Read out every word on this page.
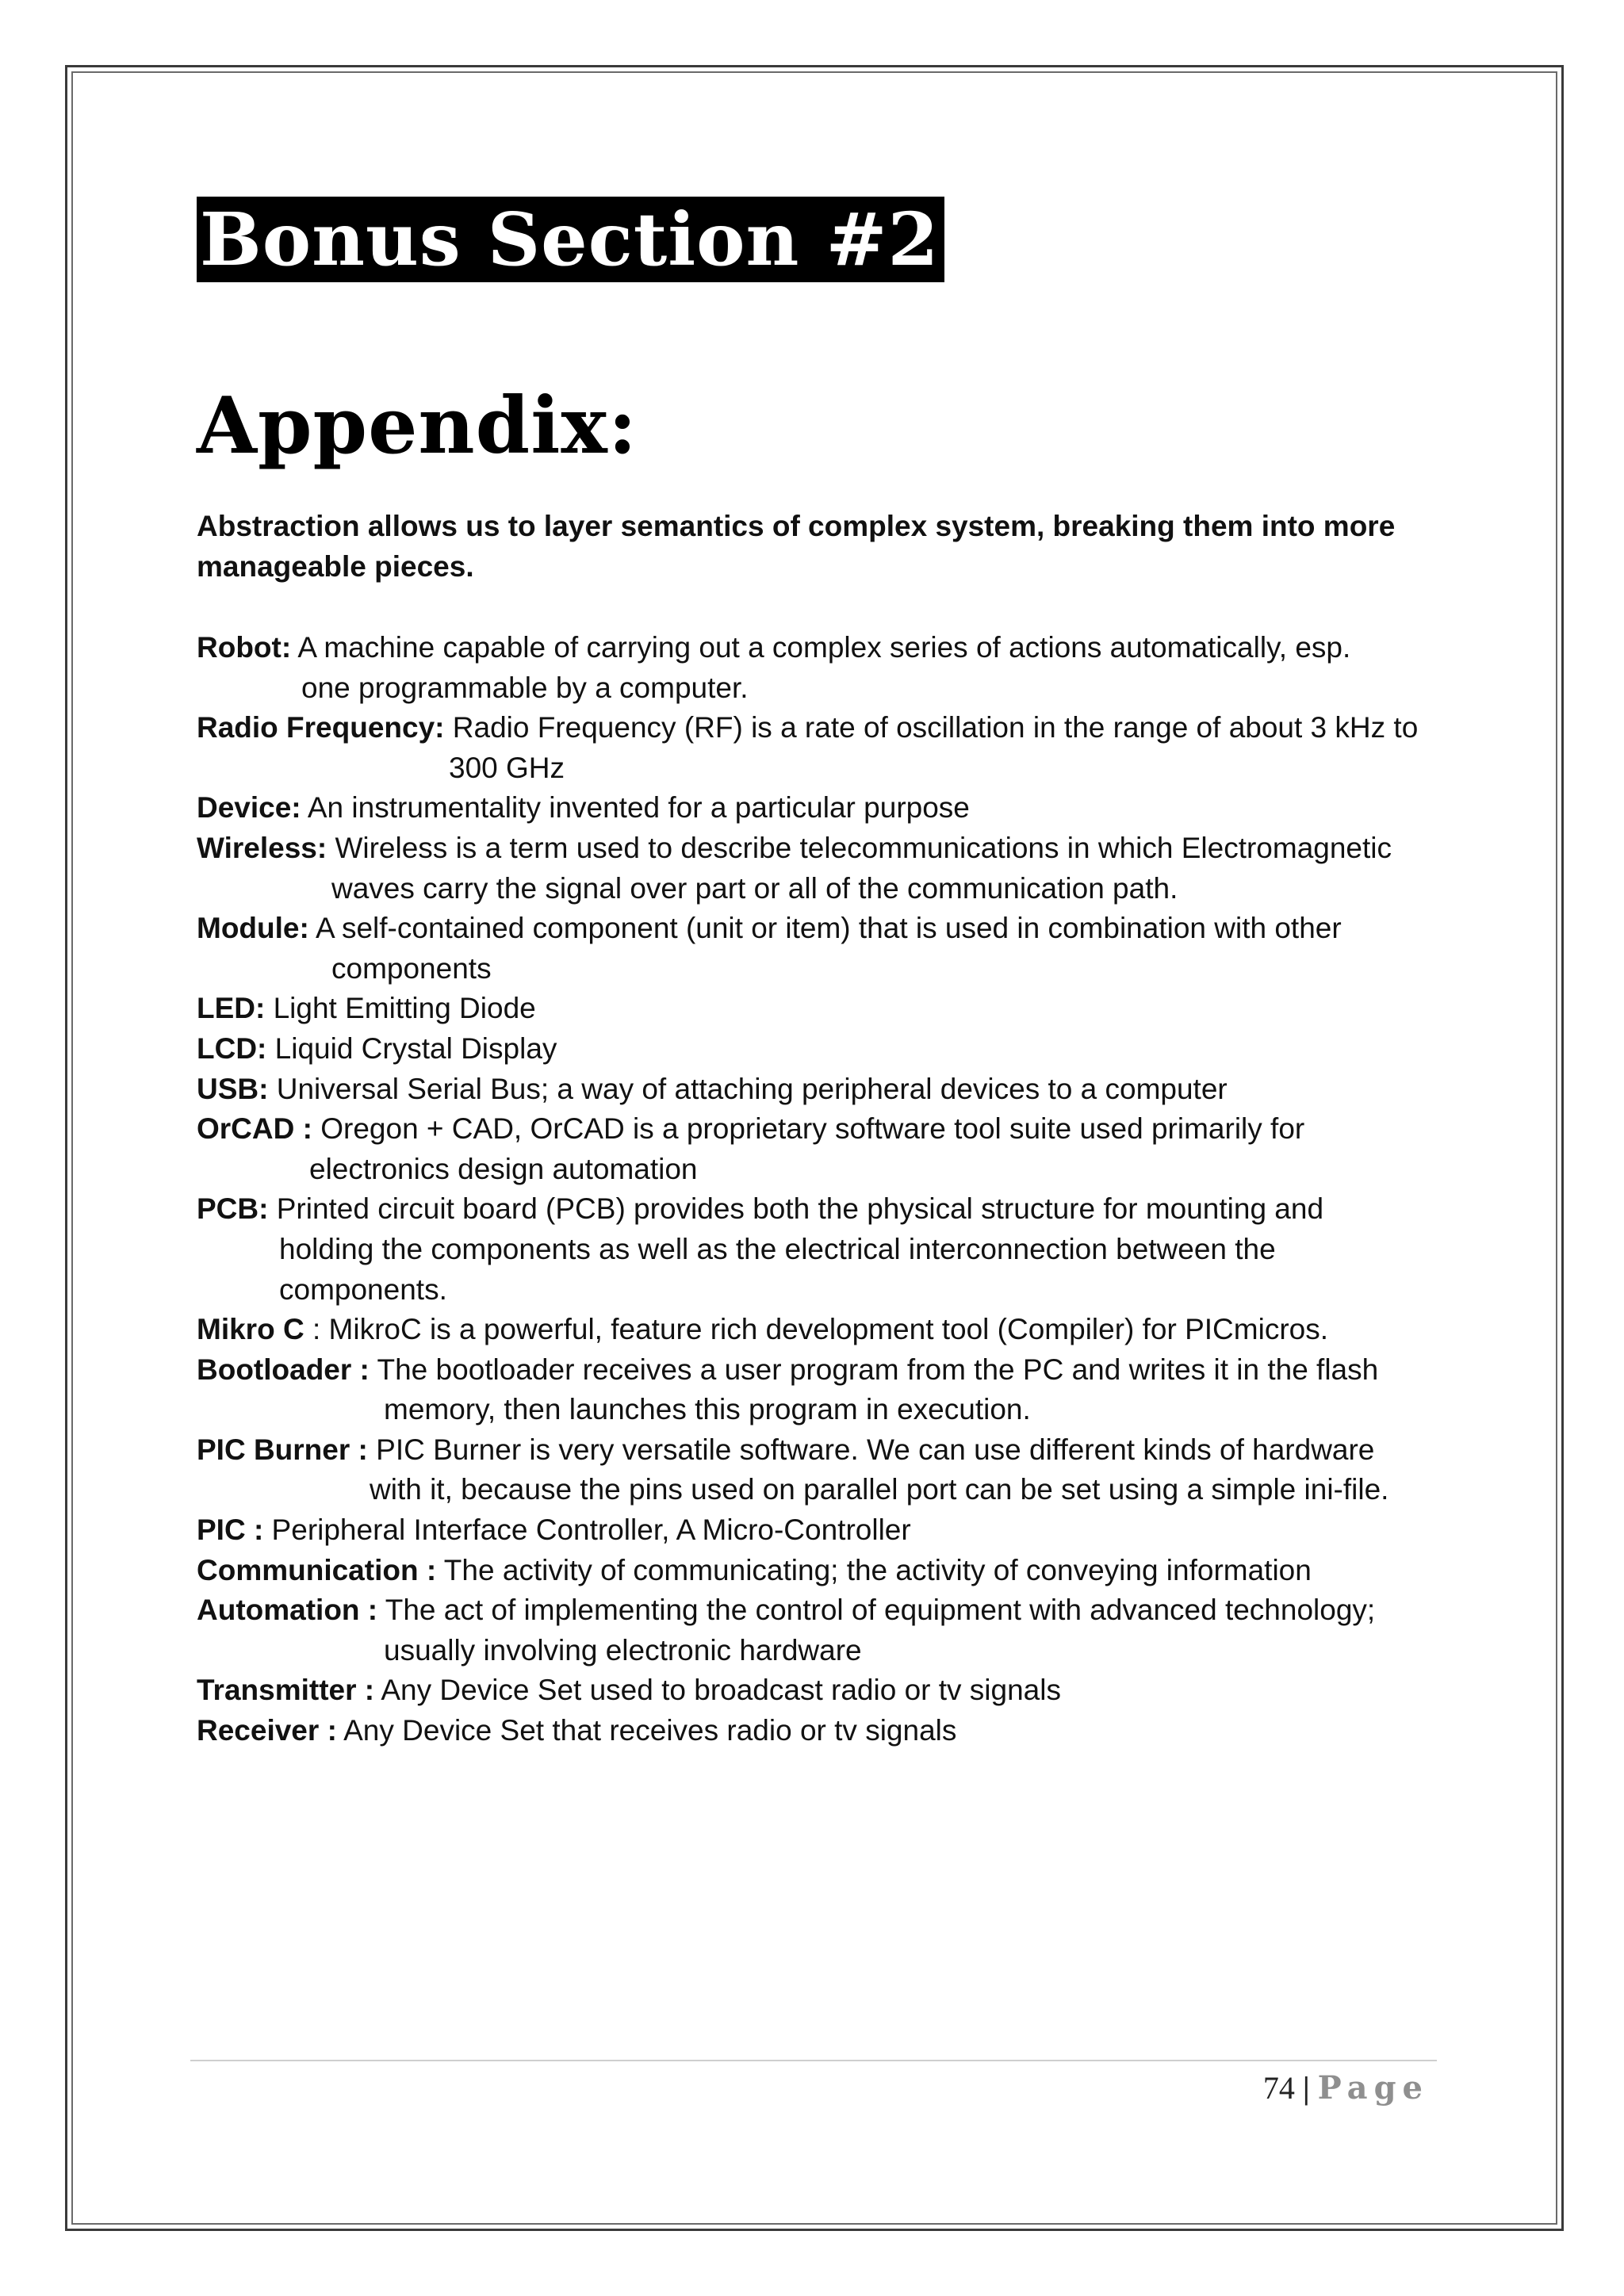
Bonus Section #2
Appendix:

Abstraction allows us to layer semantics of complex system, breaking them into more manageable pieces.

Robot: A machine capable of carrying out a complex series of actions automatically, esp.
one programmable by a computer.
Radio Frequency: Radio Frequency (RF) is a rate of oscillation in the range of about 3 kHz to
300 GHz
Device: An instrumentality invented for a particular purpose
Wireless: Wireless is a term used to describe telecommunications in which Electromagnetic
waves carry the signal over part or all of the communication path.
Module: A self-contained component (unit or item) that is used in combination with other
components
LED: Light Emitting Diode
LCD: Liquid Crystal Display
USB: Universal Serial Bus; a way of attaching peripheral devices to a computer
OrCAD : Oregon + CAD, OrCAD is a proprietary software tool suite used primarily for
electronics design automation
PCB: Printed circuit board (PCB) provides both the physical structure for mounting and
holding the components as well as the electrical interconnection between the
components.
Mikro C : MikroC is a powerful, feature rich development tool (Compiler) for PICmicros.
Bootloader : The bootloader receives a user program from the PC and writes it in the flash
memory, then launches this program in execution.
PIC Burner : PIC Burner is very versatile software. We can use different kinds of hardware
with it, because the pins used on parallel port can be set using a simple ini-file.
PIC : Peripheral Interface Controller, A Micro-Controller
Communication : The activity of communicating; the activity of conveying information
Automation : The act of implementing the control of equipment with advanced technology;
usually involving electronic hardware
Transmitter : Any Device Set used to broadcast radio or tv signals
Receiver : Any Device Set that receives radio or tv signals
74 | Page
